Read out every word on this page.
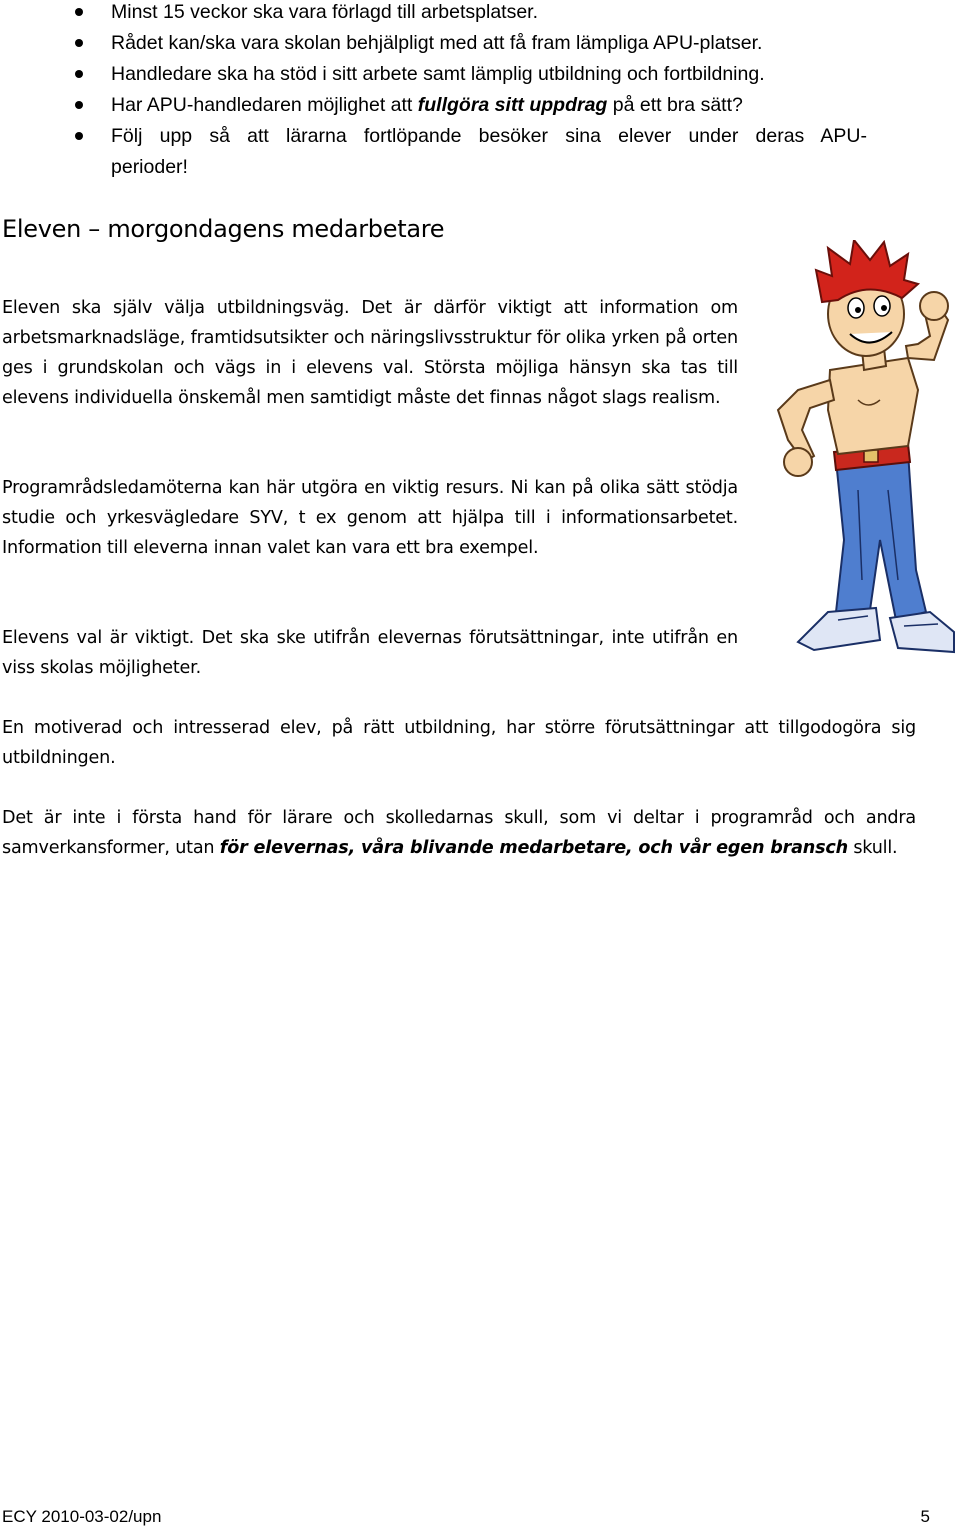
Minst 15 veckor ska vara förlagd till arbetsplatser.
Rådet kan/ska vara skolan behjälpligt med att få fram lämpliga APU-platser.
Handledare ska ha stöd i sitt arbete samt lämplig utbildning och fortbildning.
Har APU-handledaren möjlighet att fullgöra sitt uppdrag på ett bra sätt?
Följ upp så att lärarna fortlöpande besöker sina elever under deras APU-perioder!
Eleven – morgondagens medarbetare
Eleven ska själv välja utbildningsväg. Det är därför viktigt att information om arbetsmarknadsläge, framtidsutsikter och näringslivsstruktur för olika yrken på orten ges i grundskolan och vägs in i elevens val. Största möjliga hänsyn ska tas till elevens individuella önskemål men samtidigt måste det finnas något slags realism.
Programrådsledamöterna kan här utgöra en viktig resurs. Ni kan på olika sätt stödja studie och yrkesvägledare SYV, t ex genom att hjälpa till i informationsarbetet. Information till eleverna innan valet kan vara ett bra exempel.
Elevens val är viktigt. Det ska ske utifrån elevernas förutsättningar, inte utifrån en viss skolas möjligheter.
En motiverad och intresserad elev, på rätt utbildning, har större förutsättningar att tillgodogöra sig utbildningen.
Det är inte i första hand för lärare och skolledarnas skull, som vi deltar i programråd och andra samverkansformer, utan för elevernas, våra blivande medarbetare, och vår egen bransch skull.
ECY 2010-03-02/upn	5
